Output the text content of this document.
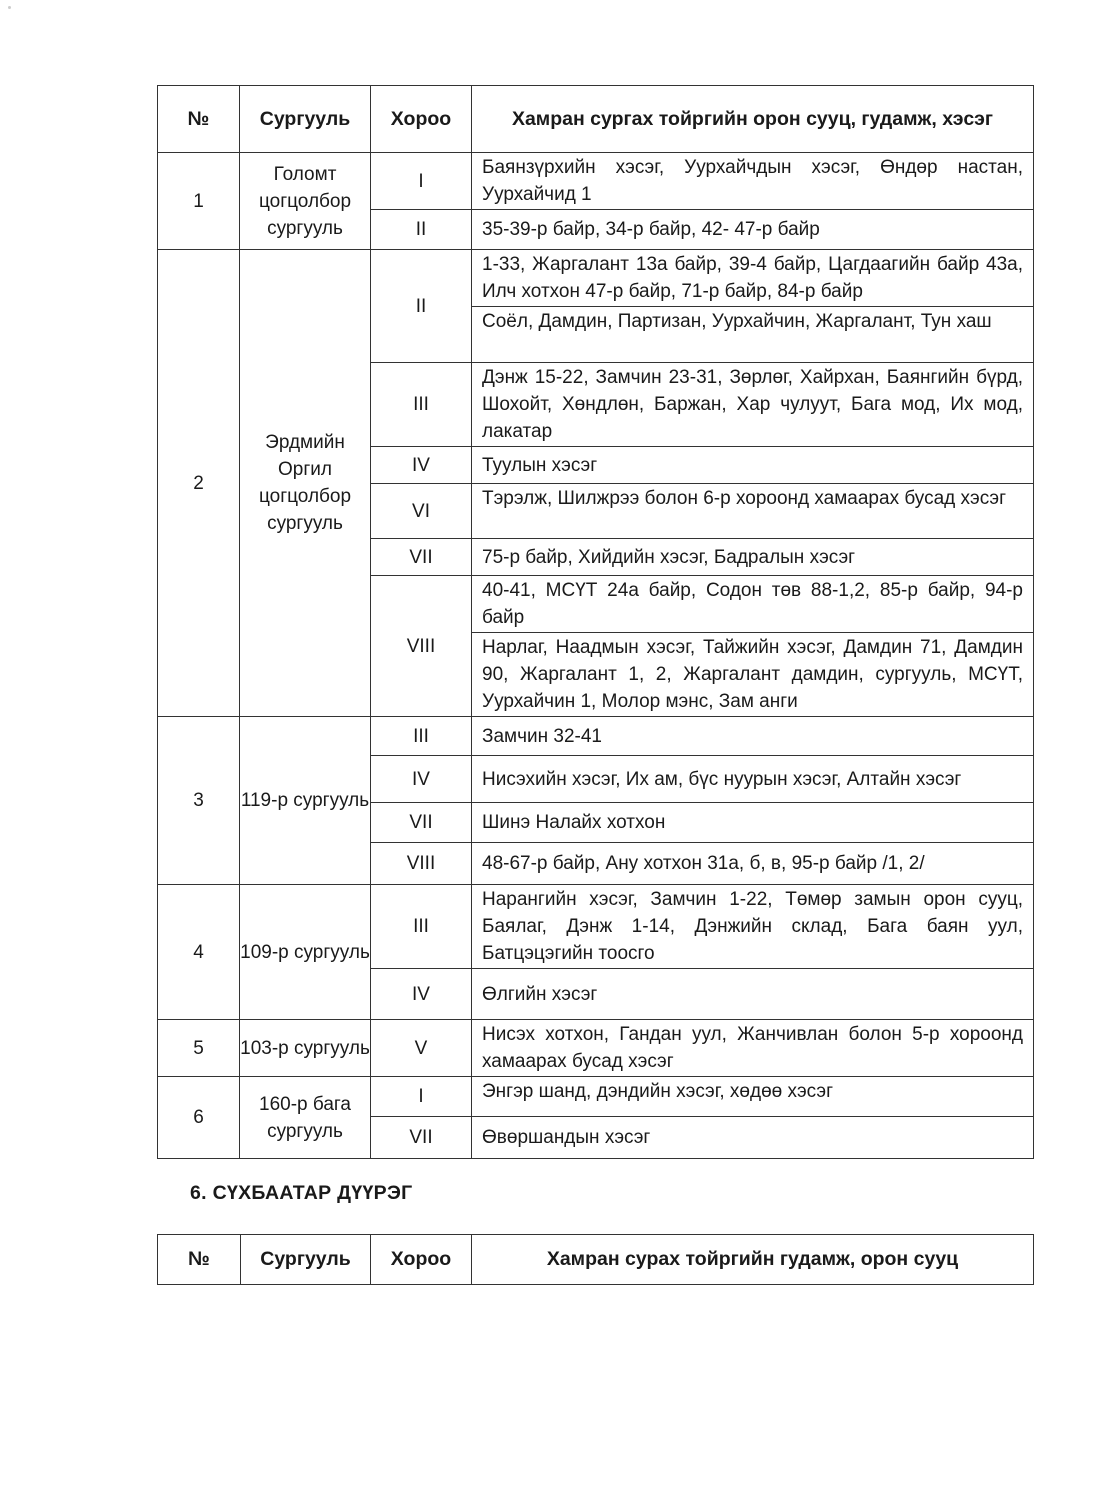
№	Сургууль	Хороо	Хамран сургах тойргийн орон сууц, гудамж, хэсэг
1	Голомт цогцолбор сургууль	I	Баянзүрхийн хэсэг, Уурхайчдын хэсэг, Өндөр настан, Уурхайчид 1
		II	35-39-р байр, 34-р байр, 42- 47-р байр
2	Эрдмийн Оргил цогцолбор сургууль	II	1-33, Жаргалант 13а байр, 39-4 байр, Цагдаагийн байр 43а, Илч хотхон 47-р байр, 71-р байр, 84-р байр
			Соёл, Дамдин, Партизан, Уурхайчин, Жаргалант, Тун хаш
		III	Дэнж 15-22, Замчин 23-31, Зөрлөг, Хайрхан, Баянгийн бүрд, Шохойт, Хөндлөн, Баржан, Хар чулуут, Бага мод, Их мод, лакатар
		IV	Туулын хэсэг
		VI	Тэрэлж, Шилжрээ болон 6-р хороонд хамаарах бусад хэсэг
		VII	75-р байр, Хийдийн хэсэг, Бадралын хэсэг
		VIII	40-41, МСҮТ 24а байр, Содон төв 88-1,2, 85-р байр, 94-р байр
			Нарлаг, Наадмын хэсэг, Тайжийн хэсэг, Дамдин 71, Дамдин 90, Жаргалант 1, 2, Жаргалант дамдин, сургууль, МСҮТ, Уурхайчин 1, Молор мэнс, Зам анги
3	119-р сургууль	III	Замчин 32-41
		IV	Нисэхийн хэсэг, Их ам, бүс нуурын хэсэг, Алтайн хэсэг
		VII	Шинэ Налайх хотхон
		VIII	48-67-р байр, Ану хотхон 31а, б, в, 95-р байр /1, 2/
4	109-р сургууль	III	Нарангийн хэсэг, Замчин 1-22, Төмөр замын орон сууц, Баялаг, Дэнж 1-14, Дэнжийн склад, Бага баян уул, Батцэцэгийн тоосго
		IV	Өлгийн хэсэг
5	103-р сургууль	V	Нисэх хотхон, Гандан уул, Жанчивлан болон 5-р хороонд хамаарах бусад хэсэг
6	160-р бага сургууль	I	Энгэр шанд, дэндийн хэсэг, хөдөө хэсэг
		VII	Өвөршандын хэсэг
6. СҮХБААТАР ДҮҮРЭГ
№	Сургууль	Хороо	Хамран сурах тойргийн гудамж, орон сууц
